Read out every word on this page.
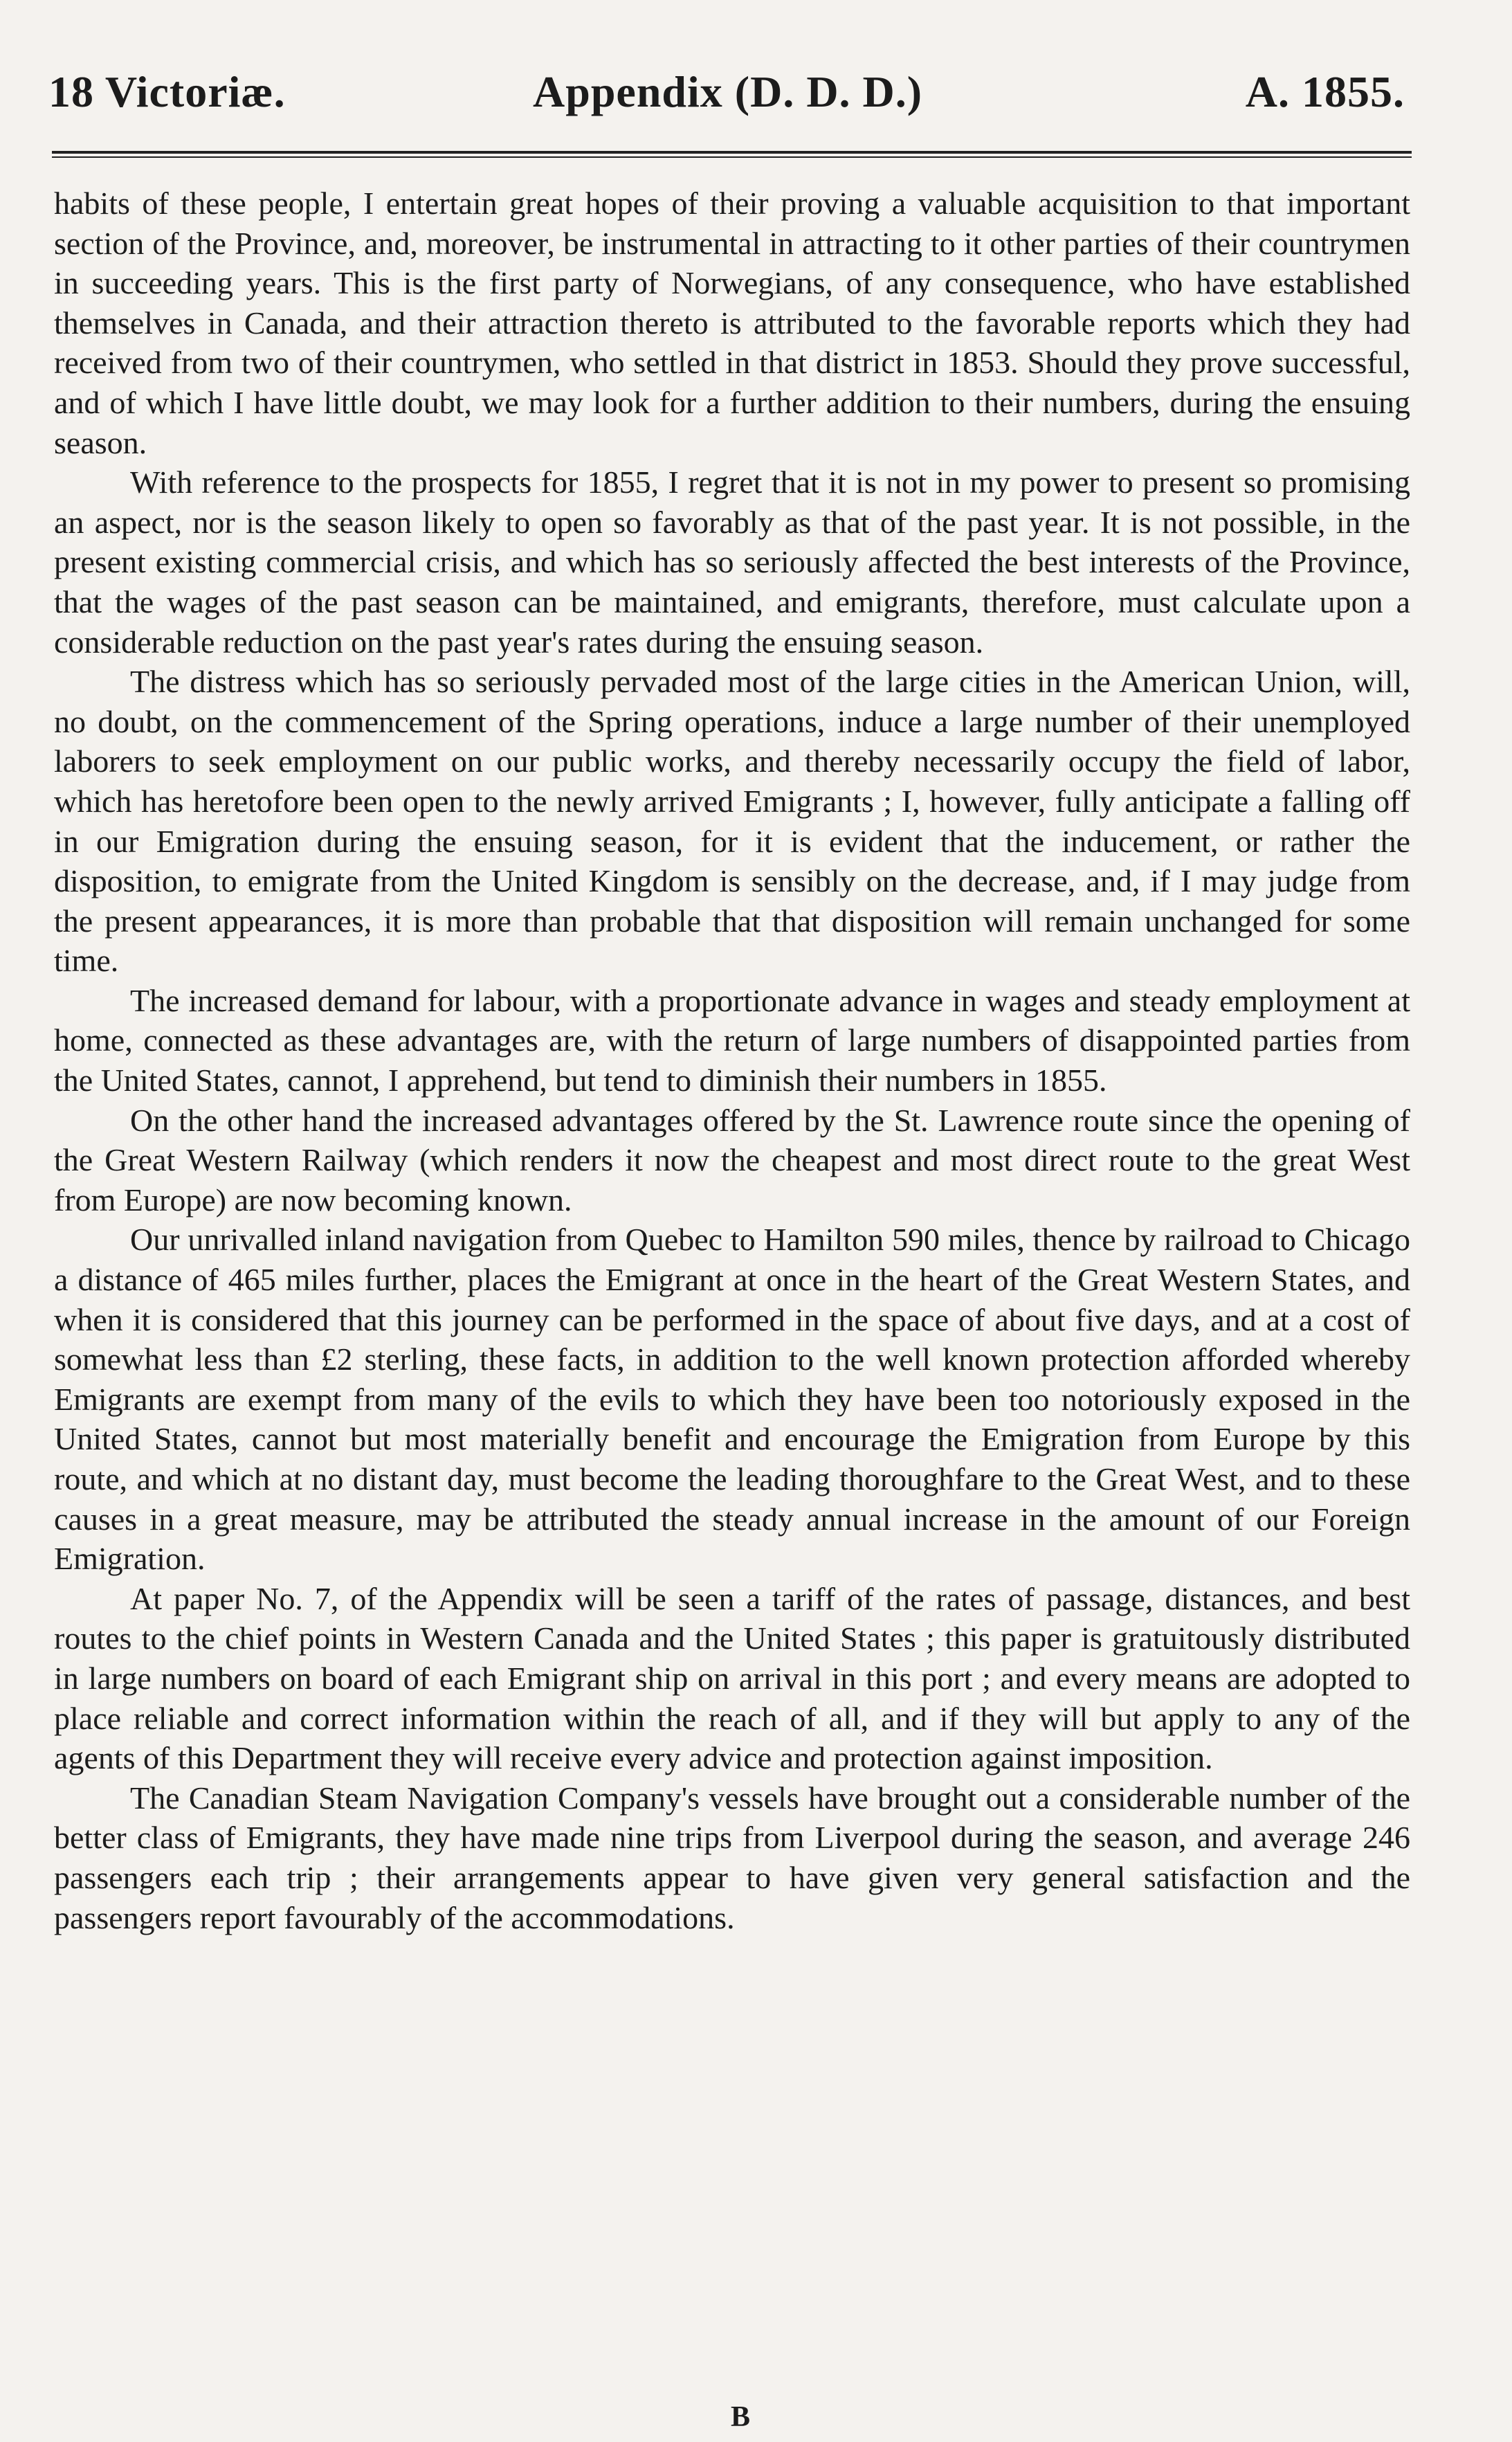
18 Victoriæ.	Appendix (D. D. D.)	A. 1855.

habits of these people, I entertain great hopes of their proving a valuable acquisition to that important section of the Province, and, moreover, be instrumental in attracting to it other parties of their countrymen in succeeding years. This is the first party of Norwegians, of any consequence, who have established themselves in Canada, and their attraction thereto is attributed to the favorable reports which they had received from two of their countrymen, who settled in that district in 1853. Should they prove successful, and of which I have little doubt, we may look for a further addition to their numbers, during the ensuing season.

With reference to the prospects for 1855, I regret that it is not in my power to present so promising an aspect, nor is the season likely to open so favorably as that of the past year. It is not possible, in the present existing commercial crisis, and which has so seriously affected the best interests of the Province, that the wages of the past season can be maintained, and emigrants, therefore, must calculate upon a considerable reduction on the past year's rates during the ensuing season.

The distress which has so seriously pervaded most of the large cities in the American Union, will, no doubt, on the commencement of the Spring operations, induce a large number of their unemployed laborers to seek employment on our public works, and thereby necessarily occupy the field of labor, which has heretofore been open to the newly arrived Emigrants ; I, however, fully anticipate a falling off in our Emigration during the ensuing season, for it is evident that the inducement, or rather the disposition, to emigrate from the United Kingdom is sensibly on the decrease, and, if I may judge from the present appearances, it is more than probable that that disposition will remain unchanged for some time.

The increased demand for labour, with a proportionate advance in wages and steady employment at home, connected as these advantages are, with the return of large numbers of disappointed parties from the United States, cannot, I apprehend, but tend to diminish their numbers in 1855.

On the other hand the increased advantages offered by the St. Lawrence route since the opening of the Great Western Railway (which renders it now the cheapest and most direct route to the great West from Europe) are now becoming known.

Our unrivalled inland navigation from Quebec to Hamilton 590 miles, thence by railroad to Chicago a distance of 465 miles further, places the Emigrant at once in the heart of the Great Western States, and when it is considered that this journey can be performed in the space of about five days, and at a cost of somewhat less than £2 sterling, these facts, in addition to the well known protection afforded whereby Emigrants are exempt from many of the evils to which they have been too notoriously exposed in the United States, cannot but most materially benefit and encourage the Emigration from Europe by this route, and which at no distant day, must become the leading thoroughfare to the Great West, and to these causes in a great measure, may be attributed the steady annual increase in the amount of our Foreign Emigration.

At paper No. 7, of the Appendix will be seen a tariff of the rates of passage, distances, and best routes to the chief points in Western Canada and the United States ; this paper is gratuitously distributed in large numbers on board of each Emigrant ship on arrival in this port ; and every means are adopted to place reliable and correct information within the reach of all, and if they will but apply to any of the agents of this Department they will receive every advice and protection against imposition.

The Canadian Steam Navigation Company's vessels have brought out a considerable number of the better class of Emigrants, they have made nine trips from Liverpool during the season, and average 246 passengers each trip ; their arrangements appear to have given very general satisfaction and the passengers report favourably of the accommodations.

B
